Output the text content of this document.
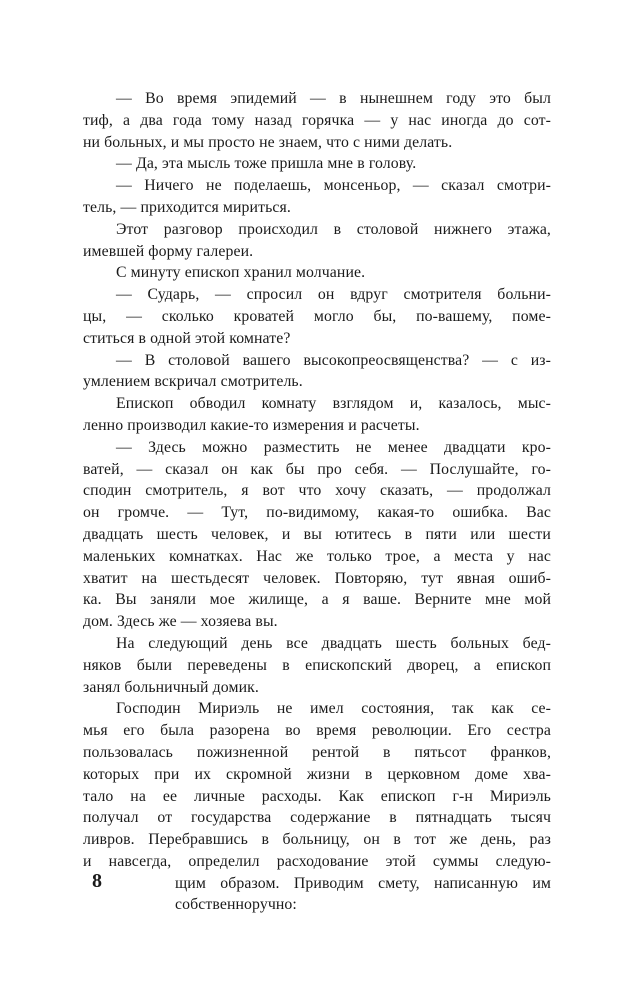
— Во время эпидемий — в нынешнем году это был
тиф, а два года тому назад горячка — у нас иногда до сот-
ни больных, и мы просто не знаем, что с ними делать.
— Да, эта мысль тоже пришла мне в голову.
— Ничего не поделаешь, монсеньор, — сказал смотри-
тель, — приходится мириться.
Этот разговор происходил в столовой нижнего этажа,
имевшей форму галереи.
С минуту епископ хранил молчание.
— Сударь, — спросил он вдруг смотрителя больни-
цы, — сколько кроватей могло бы, по-вашему, поме-
ститься в одной этой комнате?
— В столовой вашего высокопреосвященства? — с из-
умлением вскричал смотритель.
Епископ обводил комнату взглядом и, казалось, мыс-
ленно производил какие-то измерения и расчеты.
— Здесь можно разместить не менее двадцати кро-
ватей, — сказал он как бы про себя. — Послушайте, го-
сподин смотритель, я вот что хочу сказать, — продолжал
он громче. — Тут, по-видимому, какая-то ошибка. Вас
двадцать шесть человек, и вы ютитесь в пяти или шести
маленьких комнатках. Нас же только трое, а места у нас
хватит на шестьдесят человек. Повторяю, тут явная ошиб-
ка. Вы заняли мое жилище, а я ваше. Верните мне мой
дом. Здесь же — хозяева вы.
На следующий день все двадцать шесть больных бед-
няков были переведены в епископский дворец, а епископ
занял больничный домик.
Господин Мириэль не имел состояния, так как се-
мья его была разорена во время революции. Его сестра
пользовалась пожизненной рентой в пятьсот франков,
которых при их скромной жизни в церковном доме хва-
тало на ее личные расходы. Как епископ г-н Мириэль
получал от государства содержание в пятнадцать тысяч
ливров. Перебравшись в больницу, он в тот же день, раз
и навсегда, определил расходование этой суммы следую-
щим образом. Приводим смету, написанную им
собственноручно:
8
